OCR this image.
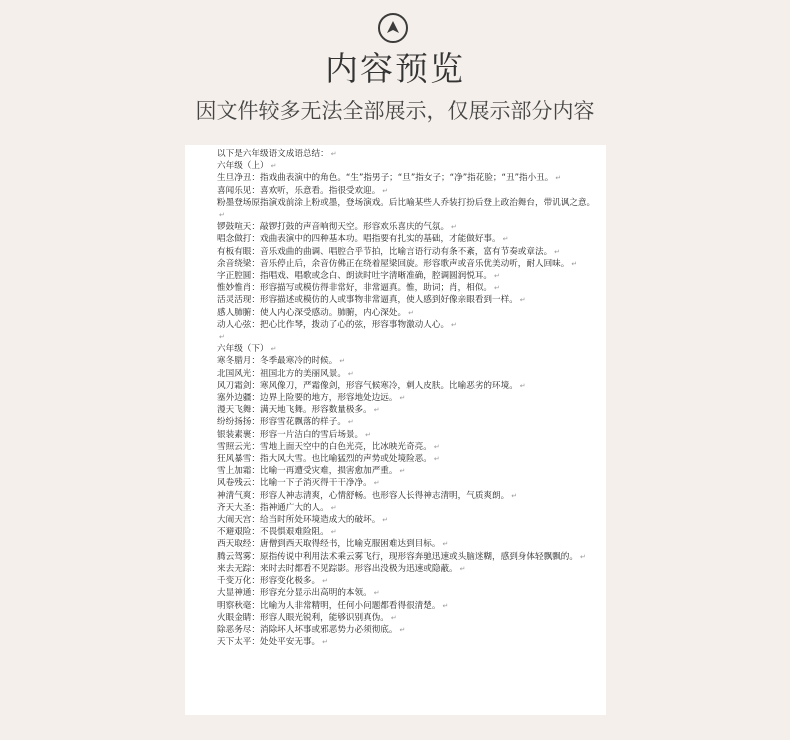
内容预览
因文件较多无法全部展示，仅展示部分内容
以下是六年级语文成语总结： ↵
六年级（上） ↵
生旦净丑：指戏曲表演中的角色。“生”指男子；“旦”指女子；“净”指花脸；“丑”指小丑。 ↵
喜闻乐见：喜欢听，乐意看。指很受欢迎。 ↵
粉墨登场原指演戏前涂上粉或墨，登场演戏。后比喻某些人乔装打扮后登上政治舞台，带讥讽之意。↵
锣鼓喧天：敲锣打鼓的声音响彻天空。形容欢乐喜庆的气氛。 ↵
唱念做打：戏曲表演中的四种基本功。唱指要有扎实的基础，才能做好事。 ↵
有板有眼：音乐戏曲的曲调、唱腔合乎节拍，比喻言语行动有条不紊，富有节奏或章法。 ↵
余音绕梁：音乐停止后，余音仿佛正在绕着屋梁回旋。形容歌声或音乐优美动听，耐人回味。 ↵
字正腔圆：指唱戏、唱歌或念白、朗读时吐字清晰准确，腔调圆润悦耳。 ↵
惟妙惟肖：形容描写或模仿得非常好，非常逼真。惟，助词；肖，相似。 ↵
活灵活现：形容描述或模仿的人或事物非常逼真，使人感到好像亲眼看到一样。 ↵
感人肺腑：使人内心深受感动。肺腑，内心深处。 ↵
动人心弦：把心比作琴，拨动了心的弦，形容事物激动人心。 ↵
↵
六年级（下） ↵
寒冬腊月：冬季最寒冷的时候。 ↵
北国风光：祖国北方的美丽风景。 ↵
风刀霜剑：寒风像刀，严霜像剑，形容气候寒冷，刺人皮肤。比喻恶劣的环境。 ↵
塞外边疆：边界上险要的地方，形容地处边远。 ↵
漫天飞舞：满天地飞舞。形容数量极多。 ↵
纷纷扬扬：形容雪花飘落的样子。 ↵
银装素裹：形容一片洁白的雪后场景。 ↵
雪照云光：雪地上面天空中的白色光亮，比冰映光奇亮。 ↵
狂风暴雪：指大风大雪。也比喻猛烈的声势或处境险恶。 ↵
雪上加霜：比喻一再遭受灾难，损害愈加严重。 ↵
风卷残云：比喻一下子消灭得干干净净。 ↵
神清气爽：形容人神志清爽，心情舒畅。也形容人长得神志清明，气质爽朗。 ↵
齐天大圣：指神通广大的人。 ↵
大闹天宫：给当时所处环境造成大的破坏。 ↵
不避艰险：不畏惧艰难险阻。 ↵
西天取经：唐僧到西天取得经书，比喻克服困难达到目标。 ↵
腾云驾雾：原指传说中利用法术乘云雾飞行，现形容奔驰迅速或头脑迷糊，感到身体轻飘飘的。 ↵
来去无踪：来时去时都看不见踪影。形容出没极为迅速或隐蔽。 ↵
千变万化：形容变化极多。 ↵
大显神通：形容充分显示出高明的本领。 ↵
明察秋毫：比喻为人非常精明，任何小问题都看得很清楚。 ↵
火眼金睛：形容人眼光锐利，能够识别真伪。 ↵
除恶务尽：消除坏人坏事或邪恶势力必须彻底。 ↵
天下太平：处处平安无事。 ↵
